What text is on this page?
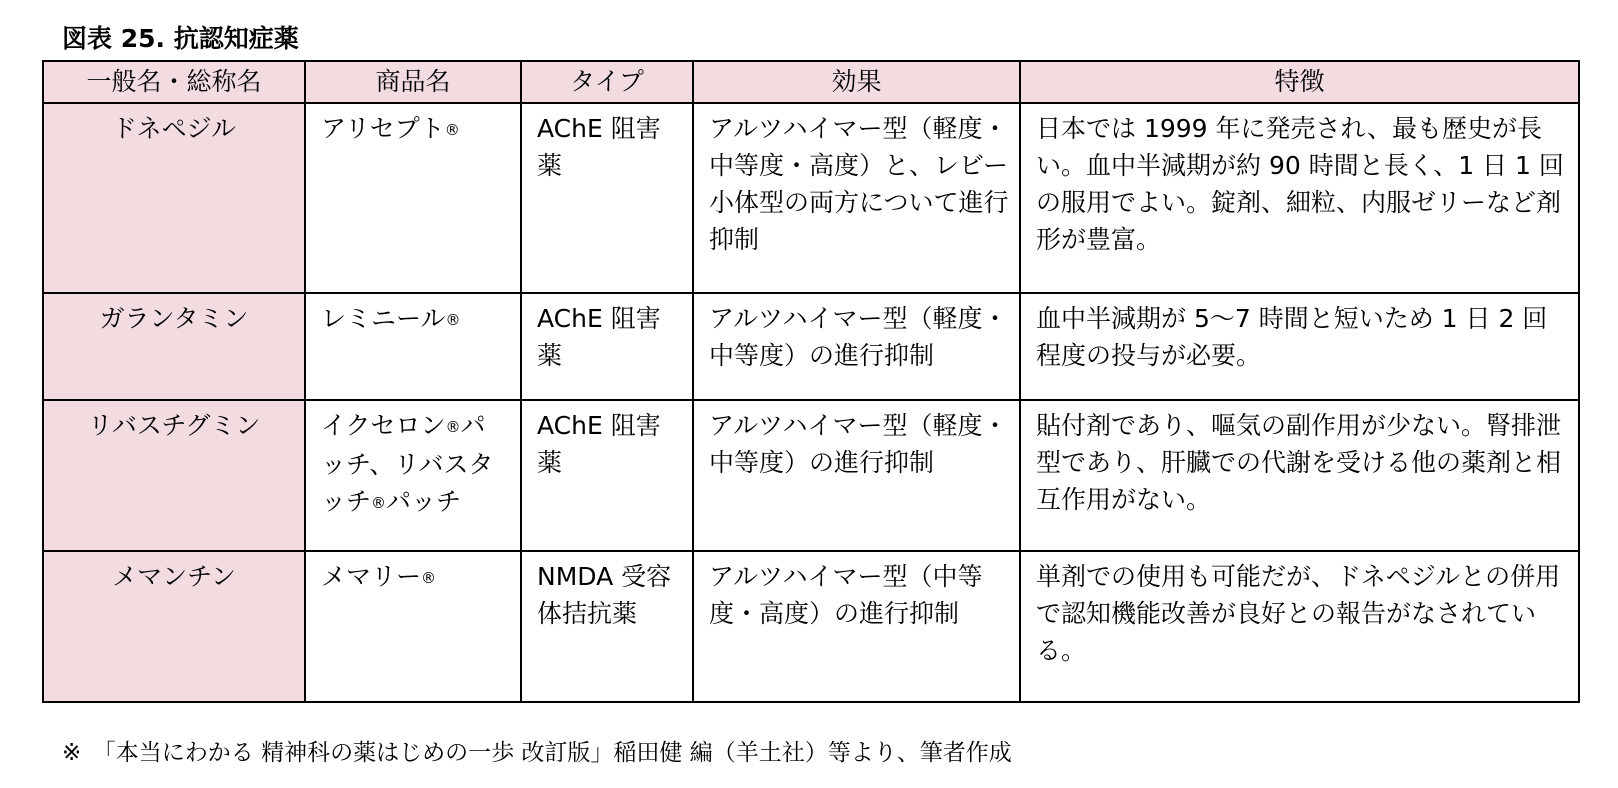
図表 25. 抗認知症薬
一般名・総称名	商品名	タイプ	効果	特徴
ドネペジル	アリセプト®	AChE 阻害薬	アルツハイマー型（軽度・中等度・高度）と、レビー小体型の両方について進行抑制	日本では 1999 年に発売され、最も歴史が長い。血中半減期が約 90 時間と長く、1 日 1 回の服用でよい。錠剤、細粒、内服ゼリーなど剤形が豊富。
ガランタミン	レミニール®	AChE 阻害薬	アルツハイマー型（軽度・中等度）の進行抑制	血中半減期が 5〜7 時間と短いため 1 日 2 回程度の投与が必要。
リバスチグミン	イクセロン®パッチ、リバスタッチ®パッチ	AChE 阻害薬	アルツハイマー型（軽度・中等度）の進行抑制	貼付剤であり、嘔気の副作用が少ない。腎排泄型であり、肝臓での代謝を受ける他の薬剤と相互作用がない。
メマンチン	メマリー®	NMDA 受容体拮抗薬	アルツハイマー型（中等度・高度）の進行抑制	単剤での使用も可能だが、ドネペジルとの併用で認知機能改善が良好との報告がなされている。
※　「本当にわかる 精神科の薬はじめの一歩 改訂版」稲田健 編（羊土社）等より、筆者作成
